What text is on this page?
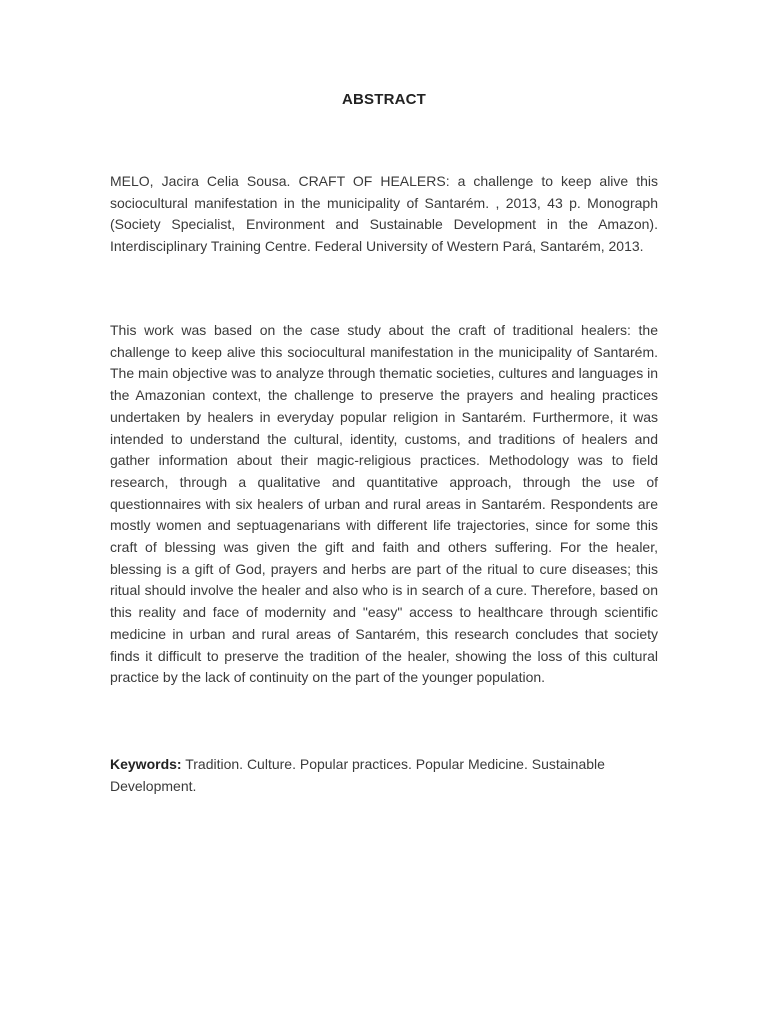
ABSTRACT
MELO, Jacira Celia Sousa. CRAFT OF HEALERS: a challenge to keep alive this sociocultural manifestation in the municipality of Santarém. , 2013, 43 p. Monograph (Society Specialist, Environment and Sustainable Development in the Amazon). Interdisciplinary Training Centre. Federal University of Western Pará, Santarém, 2013.
This work was based on the case study about the craft of traditional healers: the challenge to keep alive this sociocultural manifestation in the municipality of Santarém. The main objective was to analyze through thematic societies, cultures and languages in the Amazonian context, the challenge to preserve the prayers and healing practices undertaken by healers in everyday popular religion in Santarém. Furthermore, it was intended to understand the cultural, identity, customs, and traditions of healers and gather information about their magic-religious practices. Methodology was to field research, through a qualitative and quantitative approach, through the use of questionnaires with six healers of urban and rural areas in Santarém. Respondents are mostly women and septuagenarians with different life trajectories, since for some this craft of blessing was given the gift and faith and others suffering. For the healer, blessing is a gift of God, prayers and herbs are part of the ritual to cure diseases; this ritual should involve the healer and also who is in search of a cure. Therefore, based on this reality and face of modernity and "easy" access to healthcare through scientific medicine in urban and rural areas of Santarém, this research concludes that society finds it difficult to preserve the tradition of the healer, showing the loss of this cultural practice by the lack of continuity on the part of the younger population.
Keywords: Tradition. Culture. Popular practices. Popular Medicine. Sustainable Development.
